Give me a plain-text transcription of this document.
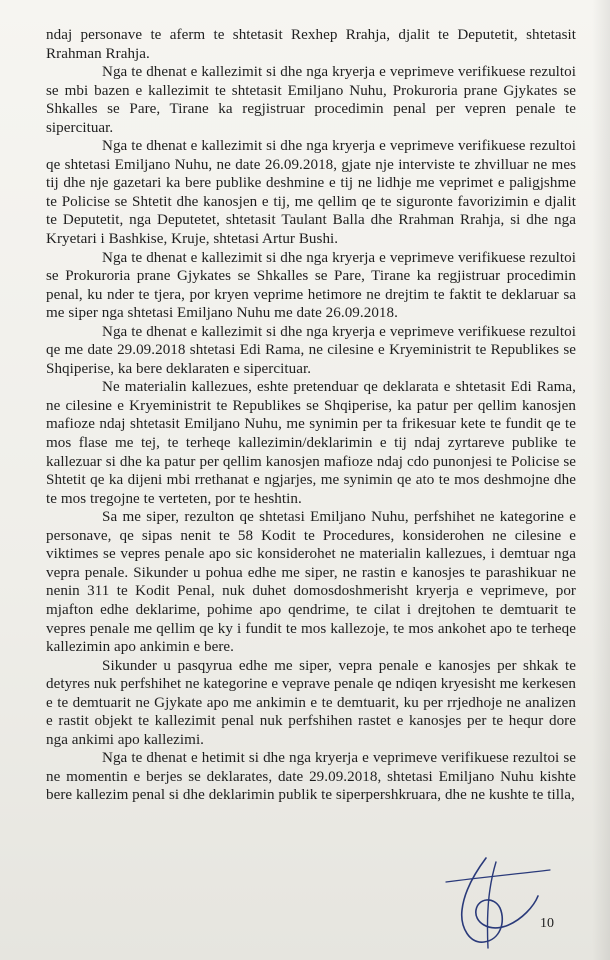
ndaj personave te aferm te shtetasit Rexhep Rrahja, djalit te Deputetit, shtetasit Rrahman Rrahja.

Nga te dhenat e kallezimit si dhe nga kryerja e veprimeve verifikuese rezultoi se mbi bazen e kallezimit te shtetasit Emiljano Nuhu, Prokuroria prane Gjykates se Shkalles se Pare, Tirane ka regjistruar procedimin penal per vepren penale te sipercituar.

Nga te dhenat e kallezimit si dhe nga kryerja e veprimeve verifikuese rezultoi qe shtetasi Emiljano Nuhu, ne date 26.09.2018, gjate nje interviste te zhvilluar ne mes tij dhe nje gazetari ka bere publike deshmine e tij ne lidhje me veprimet e paligjshme te Policise se Shtetit dhe kanosjen e tij, me qellim qe te siguronte favorizimin e djalit te Deputetit, nga Deputetet, shtetasit Taulant Balla dhe Rrahman Rrahja, si dhe nga Kryetari i Bashkise, Kruje, shtetasi Artur Bushi.

Nga te dhenat e kallezimit si dhe nga kryerja e veprimeve verifikuese rezultoi se Prokuroria prane Gjykates se Shkalles se Pare, Tirane ka regjistruar procedimin penal, ku nder te tjera, por kryen veprime hetimore ne drejtim te faktit te deklaruar sa me siper nga shtetasi Emiljano Nuhu me date 26.09.2018.

Nga te dhenat e kallezimit si dhe nga kryerja e veprimeve verifikuese rezultoi qe me date 29.09.2018 shtetasi Edi Rama, ne cilesine e Kryeministrit te Republikes se Shqiperise, ka bere deklaraten e sipercituar.

Ne materialin kallezues, eshte pretenduar qe deklarata e shtetasit Edi Rama, ne cilesine e Kryeministrit te Republikes se Shqiperise, ka patur per qellim kanosjen mafioze ndaj shtetasit Emiljano Nuhu, me synimin per ta frikesuar kete te fundit qe te mos flase me tej, te terheqe kallezimin/deklarimin e tij ndaj zyrtareve publike te kallezuar si dhe ka patur per qellim kanosjen mafioze ndaj cdo punonjesi te Policise se Shtetit qe ka dijeni mbi rrethanat e ngjarjes, me synimin qe ato te mos deshmojne dhe te mos tregojne te verteten, por te heshtin.

Sa me siper, rezulton qe shtetasi Emiljano Nuhu, perfshihet ne kategorine e personave, qe sipas nenit te 58 Kodit te Procedures, konsiderohen ne cilesine e viktimes se vepres penale apo sic konsiderohet ne materialin kallezues, i demtuar nga vepra penale. Sikunder u pohua edhe me siper, ne rastin e kanosjes te parashikuar ne nenin 311 te Kodit Penal, nuk duhet domosdoshmerisht kryerja e veprimeve, por mjafton edhe deklarime, pohime apo qendrime, te cilat i drejtohen te demtuarit te vepres penale me qellim qe ky i fundit te mos kallezoje, te mos ankohet apo te terheqe kallezimin apo ankimin e bere.

Sikunder u pasqyrua edhe me siper, vepra penale e kanosjes per shkak te detyres nuk perfshihet ne kategorine e veprave penale qe ndiqen kryesisht me kerkesen e te demtuarit ne Gjykate apo me ankimin e te demtuarit, ku per rrjedhoje ne analizen e rastit objekt te kallezimit penal nuk perfshihen rastet e kanosjes per te hequr dore nga ankimi apo kallezimi.

Nga te dhenat e hetimit si dhe nga kryerja e veprimeve verifikuese rezultoi se ne momentin e berjes se deklarates, date 29.09.2018, shtetasi Emiljano Nuhu kishte bere kallezim penal si dhe deklarimin publik te siperpershkruara, dhe ne kushte te tilla,

10
